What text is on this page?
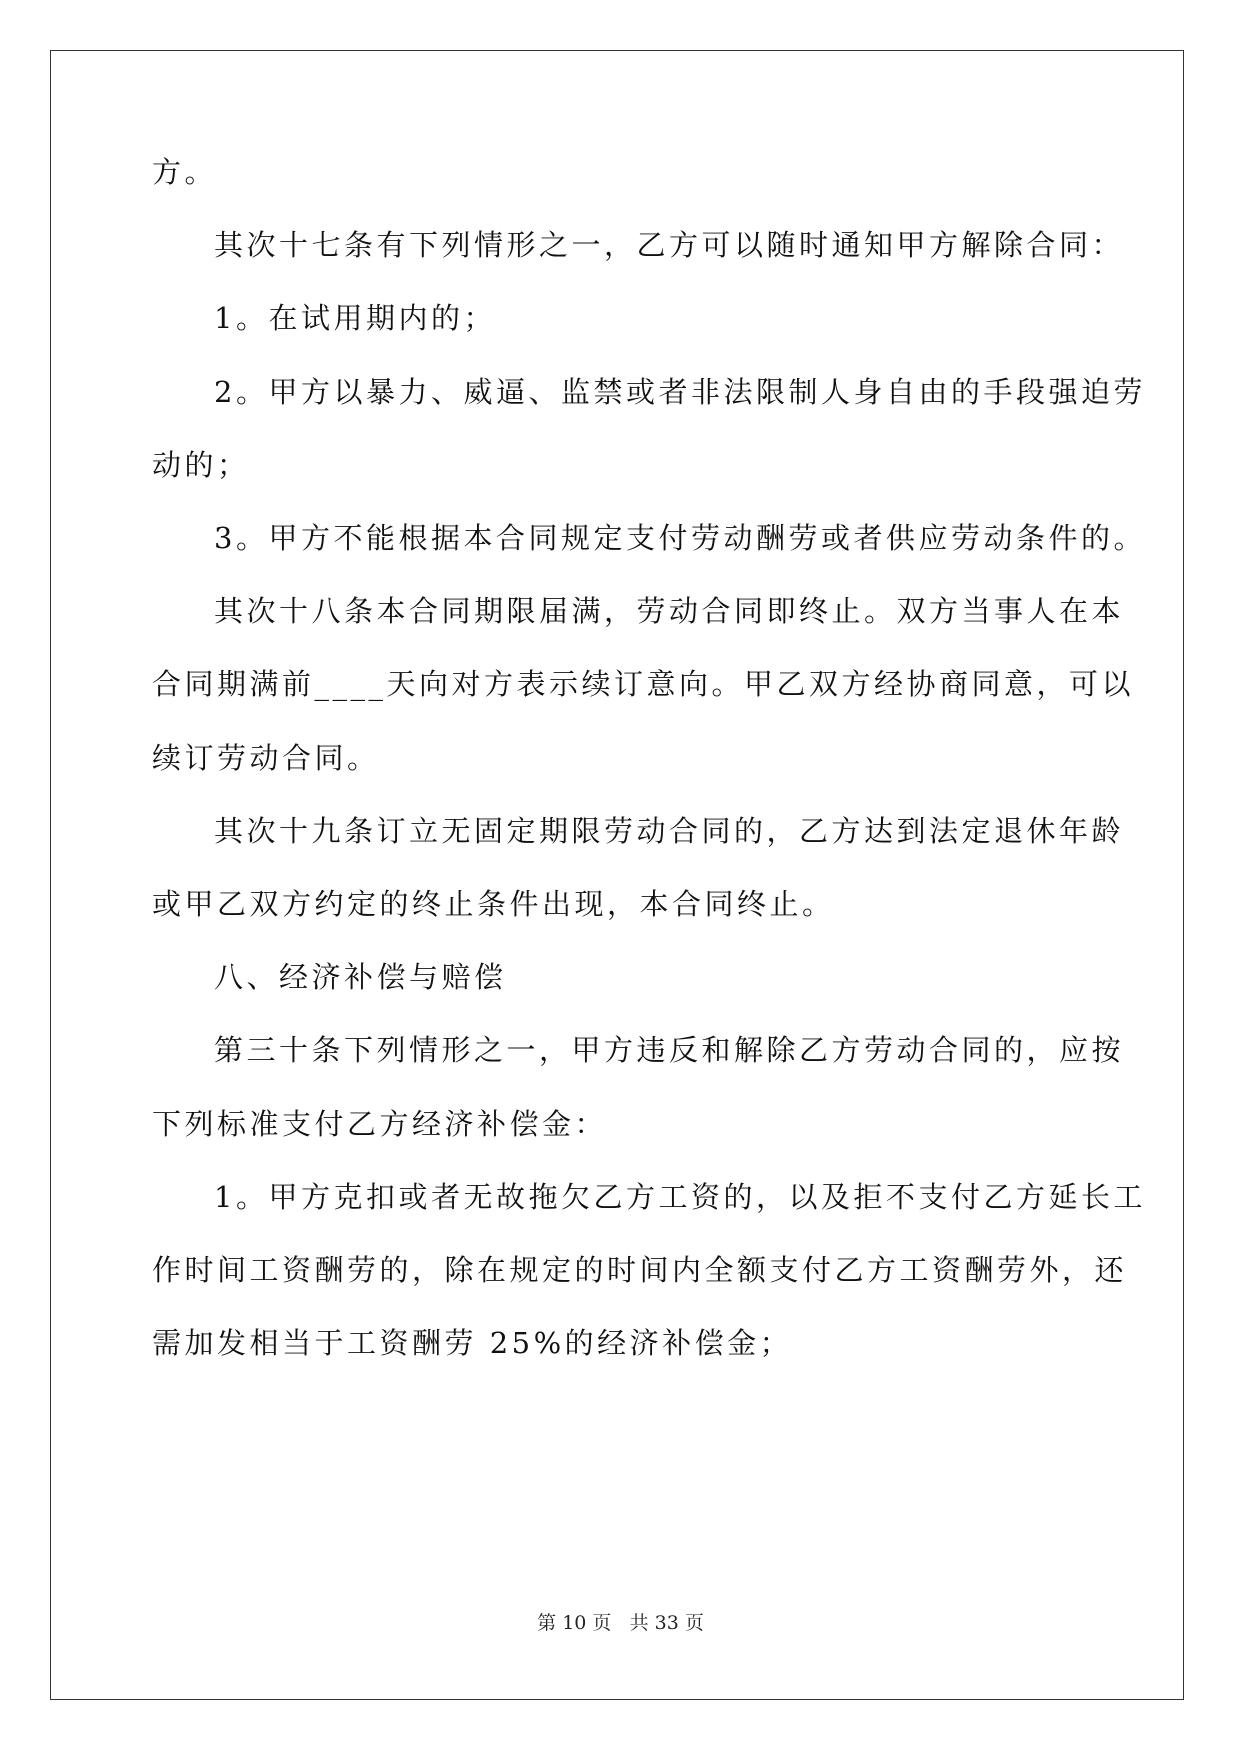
方。
其次十七条有下列情形之一，乙方可以随时通知甲方解除合同：
1。在试用期内的；
2。甲方以暴力、威逼、监禁或者非法限制人身自由的手段强迫劳
动的；
3。甲方不能根据本合同规定支付劳动酬劳或者供应劳动条件的。
其次十八条本合同期限届满，劳动合同即终止。双方当事人在本
合同期满前____天向对方表示续订意向。甲乙双方经协商同意，可以
续订劳动合同。
其次十九条订立无固定期限劳动合同的，乙方达到法定退休年龄
或甲乙双方约定的终止条件出现，本合同终止。
八、经济补偿与赔偿
第三十条下列情形之一，甲方违反和解除乙方劳动合同的，应按
下列标准支付乙方经济补偿金：
1。甲方克扣或者无故拖欠乙方工资的，以及拒不支付乙方延长工
作时间工资酬劳的，除在规定的时间内全额支付乙方工资酬劳外，还
需加发相当于工资酬劳 25%的经济补偿金；
第 10 页 共 33 页
